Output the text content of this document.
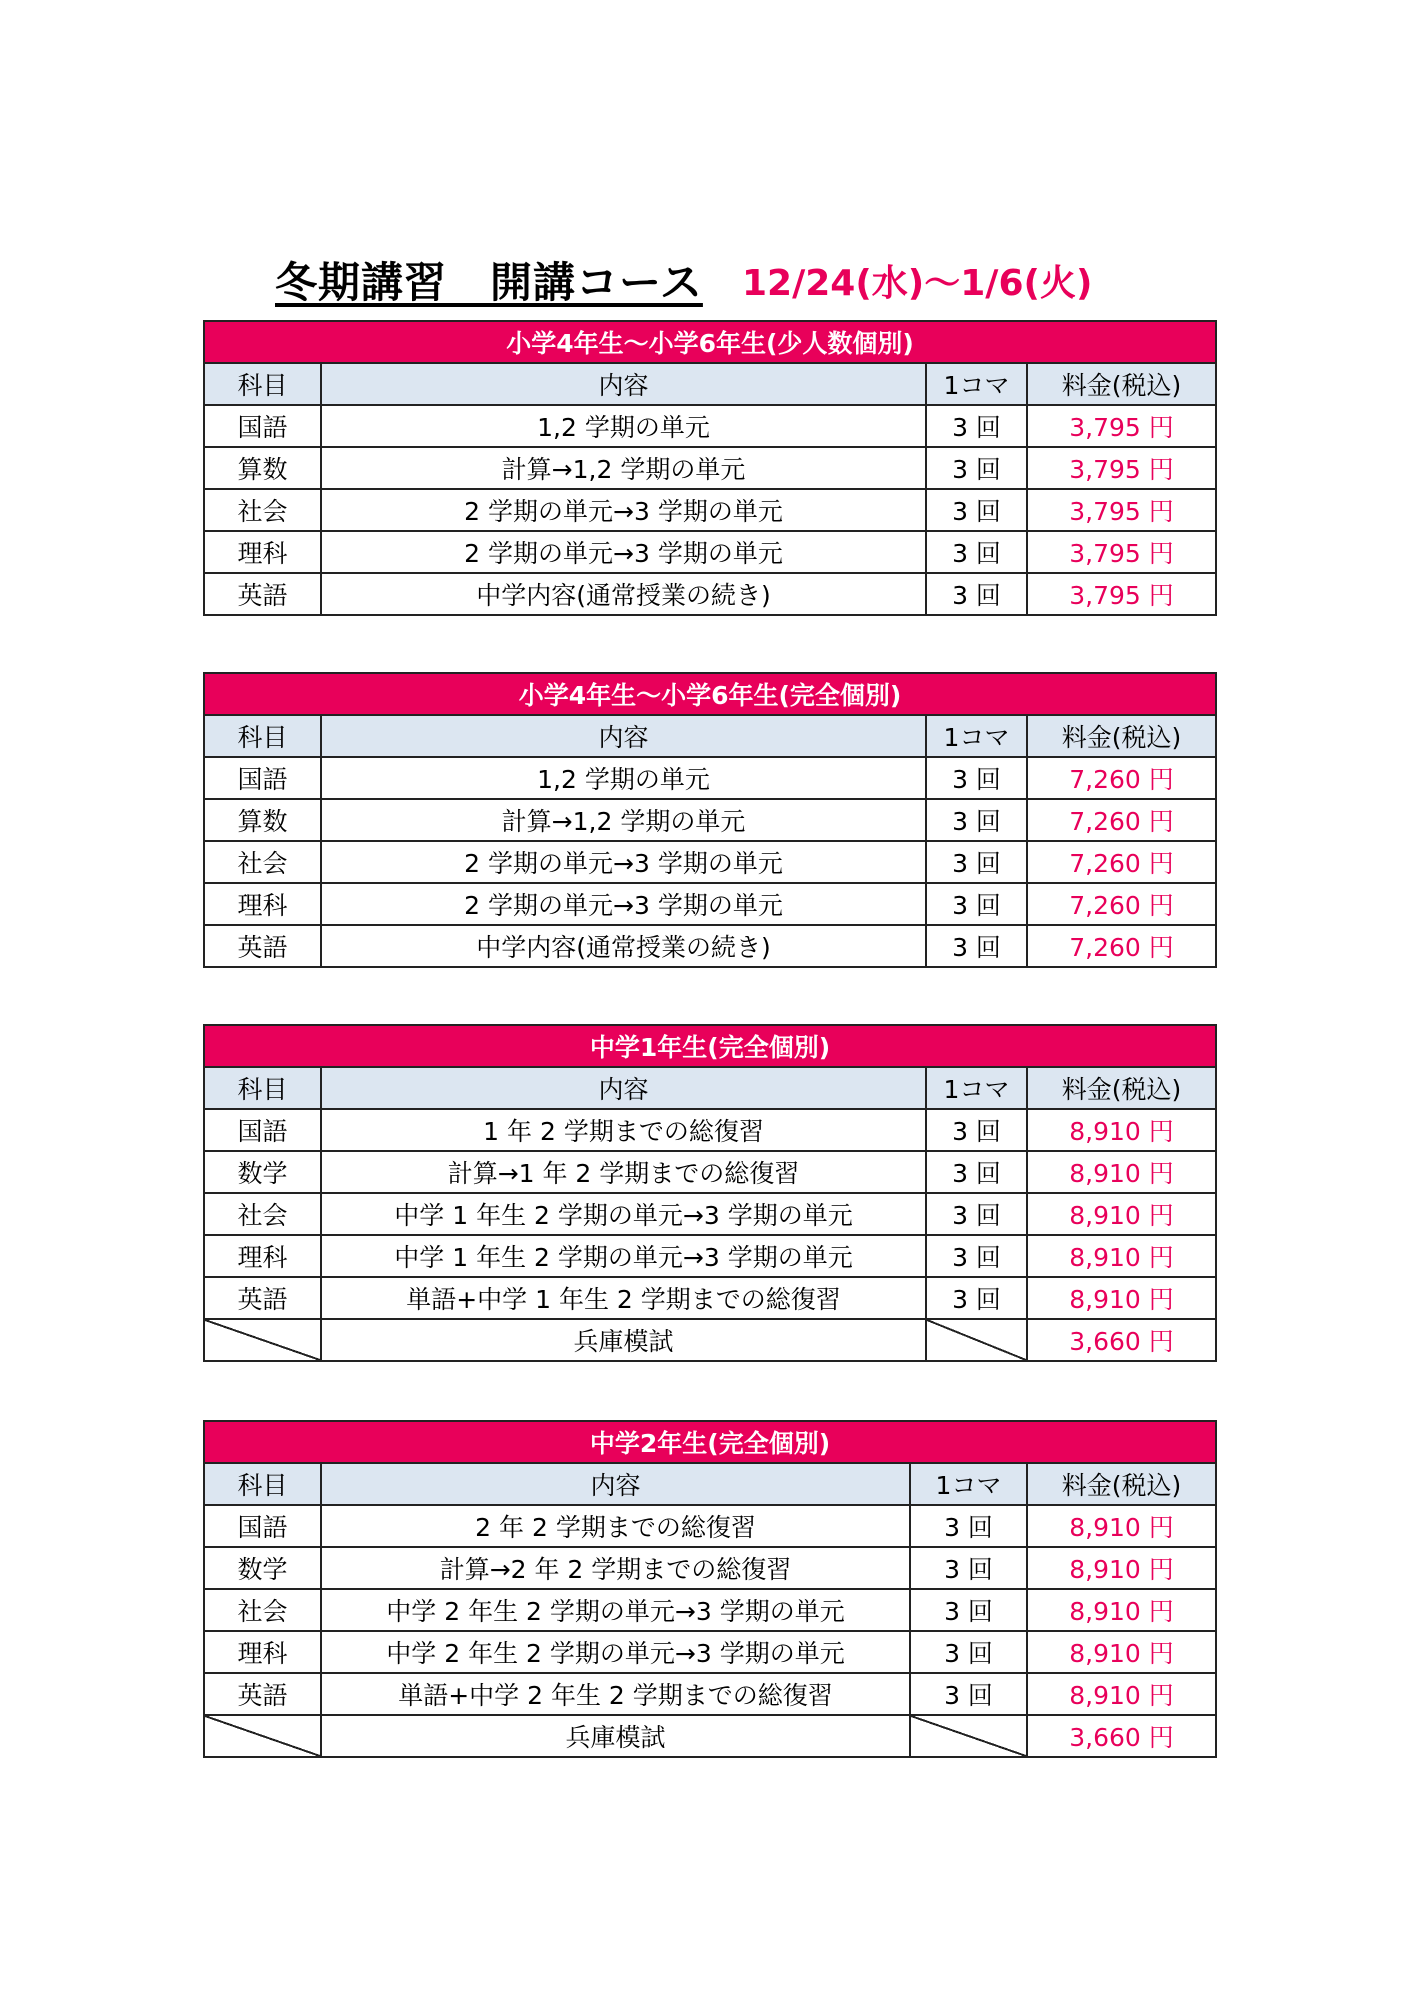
冬期講習　開講コース 12/24(水)〜1/6(火)
小学4年生〜小学6年生(少人数個別)			
科目	内容	1コマ	料金(税込)
国語	1,2 学期の単元	3 回	3,795 円
算数	計算→1,2 学期の単元	3 回	3,795 円
社会	2 学期の単元→3 学期の単元	3 回	3,795 円
理科	2 学期の単元→3 学期の単元	3 回	3,795 円
英語	中学内容(通常授業の続き)	3 回	3,795 円
小学4年生〜小学6年生(完全個別)			
科目	内容	1コマ	料金(税込)
国語	1,2 学期の単元	3 回	7,260 円
算数	計算→1,2 学期の単元	3 回	7,260 円
社会	2 学期の単元→3 学期の単元	3 回	7,260 円
理科	2 学期の単元→3 学期の単元	3 回	7,260 円
英語	中学内容(通常授業の続き)	3 回	7,260 円
中学1年生(完全個別)			
科目	内容	1コマ	料金(税込)
国語	1 年 2 学期までの総復習	3 回	8,910 円
数学	計算→1 年 2 学期までの総復習	3 回	8,910 円
社会	中学 1 年生 2 学期の単元→3 学期の単元	3 回	8,910 円
理科	中学 1 年生 2 学期の単元→3 学期の単元	3 回	8,910 円
英語	単語+中学 1 年生 2 学期までの総復習	3 回	8,910 円
	兵庫模試		3,660 円
中学2年生(完全個別)			
科目	内容	1コマ	料金(税込)
国語	2 年 2 学期までの総復習	3 回	8,910 円
数学	計算→2 年 2 学期までの総復習	3 回	8,910 円
社会	中学 2 年生 2 学期の単元→3 学期の単元	3 回	8,910 円
理科	中学 2 年生 2 学期の単元→3 学期の単元	3 回	8,910 円
英語	単語+中学 2 年生 2 学期までの総復習	3 回	8,910 円
	兵庫模試		3,660 円
